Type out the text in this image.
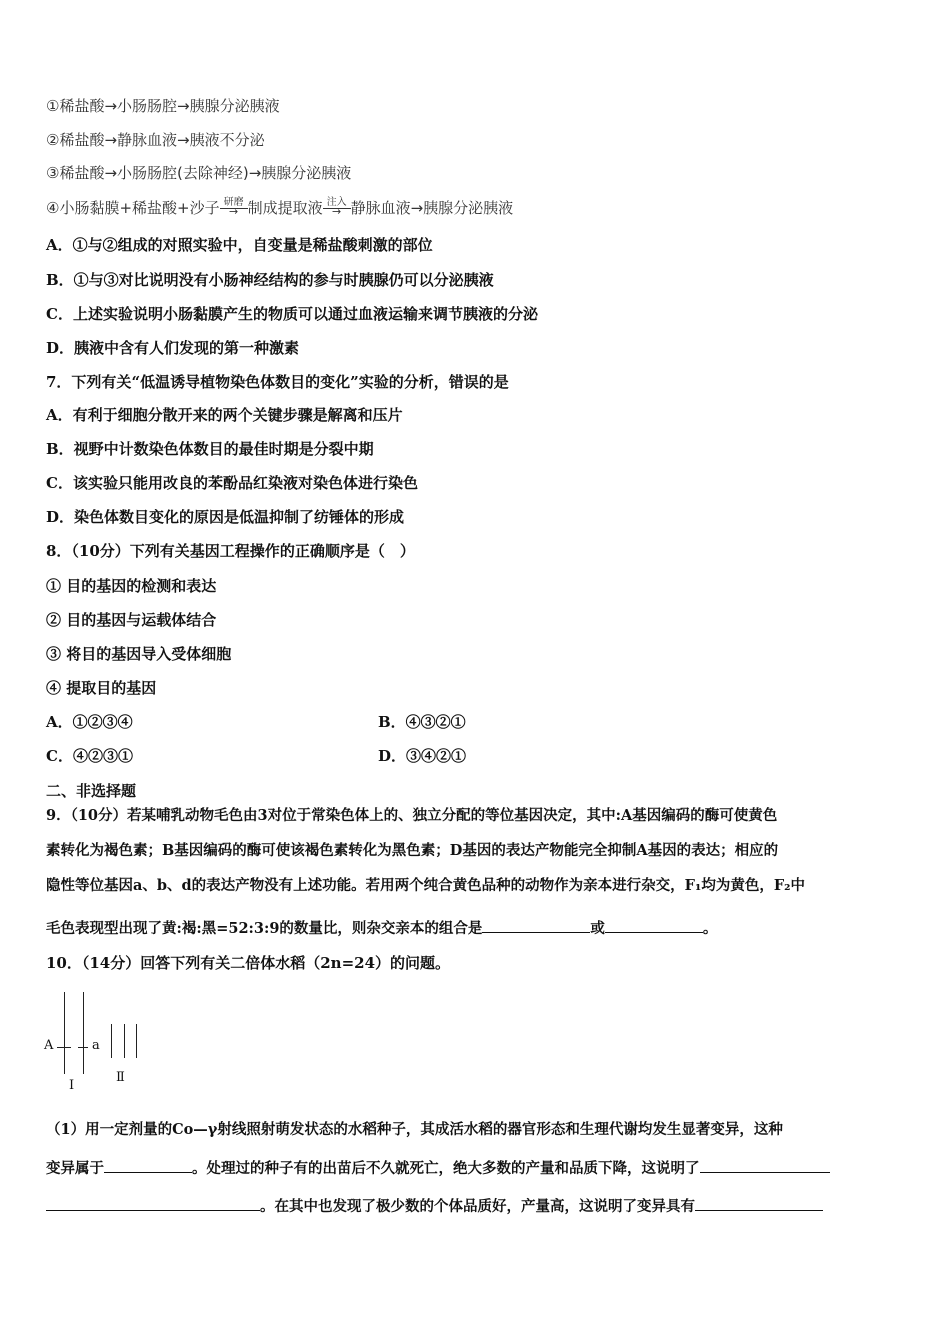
①稀盐酸→小肠肠腔→胰腺分泌胰液
②稀盐酸→静脉血液→胰液不分泌
③稀盐酸→小肠肠腔(去除神经)→胰腺分泌胰液
④小肠黏膜+稀盐酸+沙子 研磨
→ 制成提取液 注入
→ 静脉血液→胰腺分泌胰液
A．①与②组成的对照实验中，自变量是稀盐酸刺激的部位
B．①与③对比说明没有小肠神经结构的参与时胰腺仍可以分泌胰液
C．上述实验说明小肠黏膜产生的物质可以通过血液运输来调节胰液的分泌
D．胰液中含有人们发现的第一种激素
7．下列有关“低温诱导植物染色体数目的变化”实验的分析，错误的是
A．有利于细胞分散开来的两个关键步骤是解离和压片
B．视野中计数染色体数目的最佳时期是分裂中期
C．该实验只能用改良的苯酚品红染液对染色体进行染色
D．染色体数目变化的原因是低温抑制了纺锤体的形成
8．（10分）下列有关基因工程操作的正确顺序是（　）
① 目的基因的检测和表达
② 目的基因与运载体结合
③ 将目的基因导入受体细胞
④ 提取目的基因
A．①②③④	B．④③②①
C．④②③①	D．③④②①
二、非选择题
9．（10分）若某哺乳动物毛色由3对位于常染色体上的、独立分配的等位基因决定，其中:A基因编码的酶可使黄色
素转化为褐色素；B基因编码的酶可使该褐色素转化为黑色素；D基因的表达产物能完全抑制A基因的表达；相应的
隐性等位基因a、b、d的表达产物没有上述功能。若用两个纯合黄色品种的动物作为亲本进行杂交，F₁均为黄色，F₂中
毛色表现型出现了黄:褐:黑=52:3:9的数量比，则杂交亲本的组合是	或	。
10．（14分）回答下列有关二倍体水稻（2n=24）的问题。
A	a
Ⅰ
Ⅱ
（1）用一定剂量的Co—γ射线照射萌发状态的水稻种子，其成活水稻的器官形态和生理代谢均发生显著变异，这种
变异属于	。处理过的种子有的出苗后不久就死亡，绝大多数的产量和品质下降，这说明了
。在其中也发现了极少数的个体品质好，产量高，这说明了变异具有
